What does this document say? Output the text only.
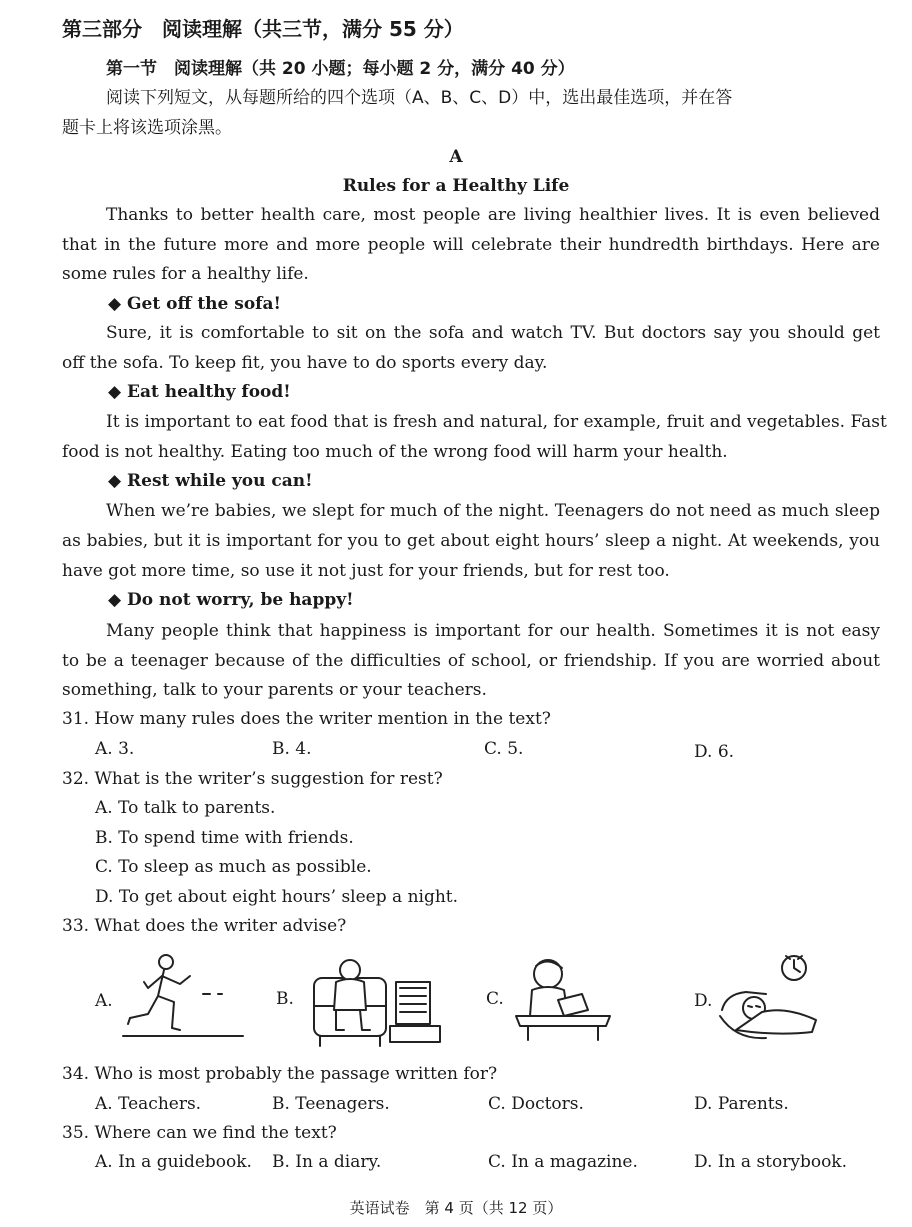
第三部分　阅读理解（共三节，满分 55 分）
第一节　阅读理解（共 20 小题；每小题 2 分，满分 40 分）
阅读下列短文，从每题所给的四个选项（A、B、C、D）中，选出最佳选项，并在答
题卡上将该选项涂黑。
A
Rules for a Healthy Life
Thanks to better health care, most people are living healthier lives. It is even believed
that in the future more and more people will celebrate their hundredth birthdays. Here are
some rules for a healthy life.
◆ Get off the sofa!
Sure, it is comfortable to sit on the sofa and watch TV. But doctors say you should get
off the sofa. To keep fit, you have to do sports every day.
◆ Eat healthy food!
It is important to eat food that is fresh and natural, for example, fruit and vegetables. Fast
food is not healthy. Eating too much of the wrong food will harm your health.
◆ Rest while you can!
When we’re babies, we slept for much of the night. Teenagers do not need as much sleep
as babies, but it is important for you to get about eight hours’ sleep a night. At weekends, you
have got more time, so use it not just for your friends, but for rest too.
◆ Do not worry, be happy!
Many people think that happiness is important for our health. Sometimes it is not easy
to be a teenager because of the difficulties of school, or friendship. If you are worried about
something, talk to your parents or your teachers.
31. How many rules does the writer mention in the text?
A. 3.	B. 4.	C. 5.	D. 6.
32. What is the writer’s suggestion for rest?
A. To talk to parents.
B. To spend time with friends.
C. To sleep as much as possible.
D. To get about eight hours’ sleep a night.
33. What does the writer advise?
A.	B.	C.	D.
34. Who is most probably the passage written for?
A. Teachers.	B. Teenagers.	C. Doctors.	D. Parents.
35. Where can we find the text?
A. In a guidebook. B. In a diary.	C. In a magazine.	D. In a storybook.
英语试卷　第 4 页（共 12 页）
